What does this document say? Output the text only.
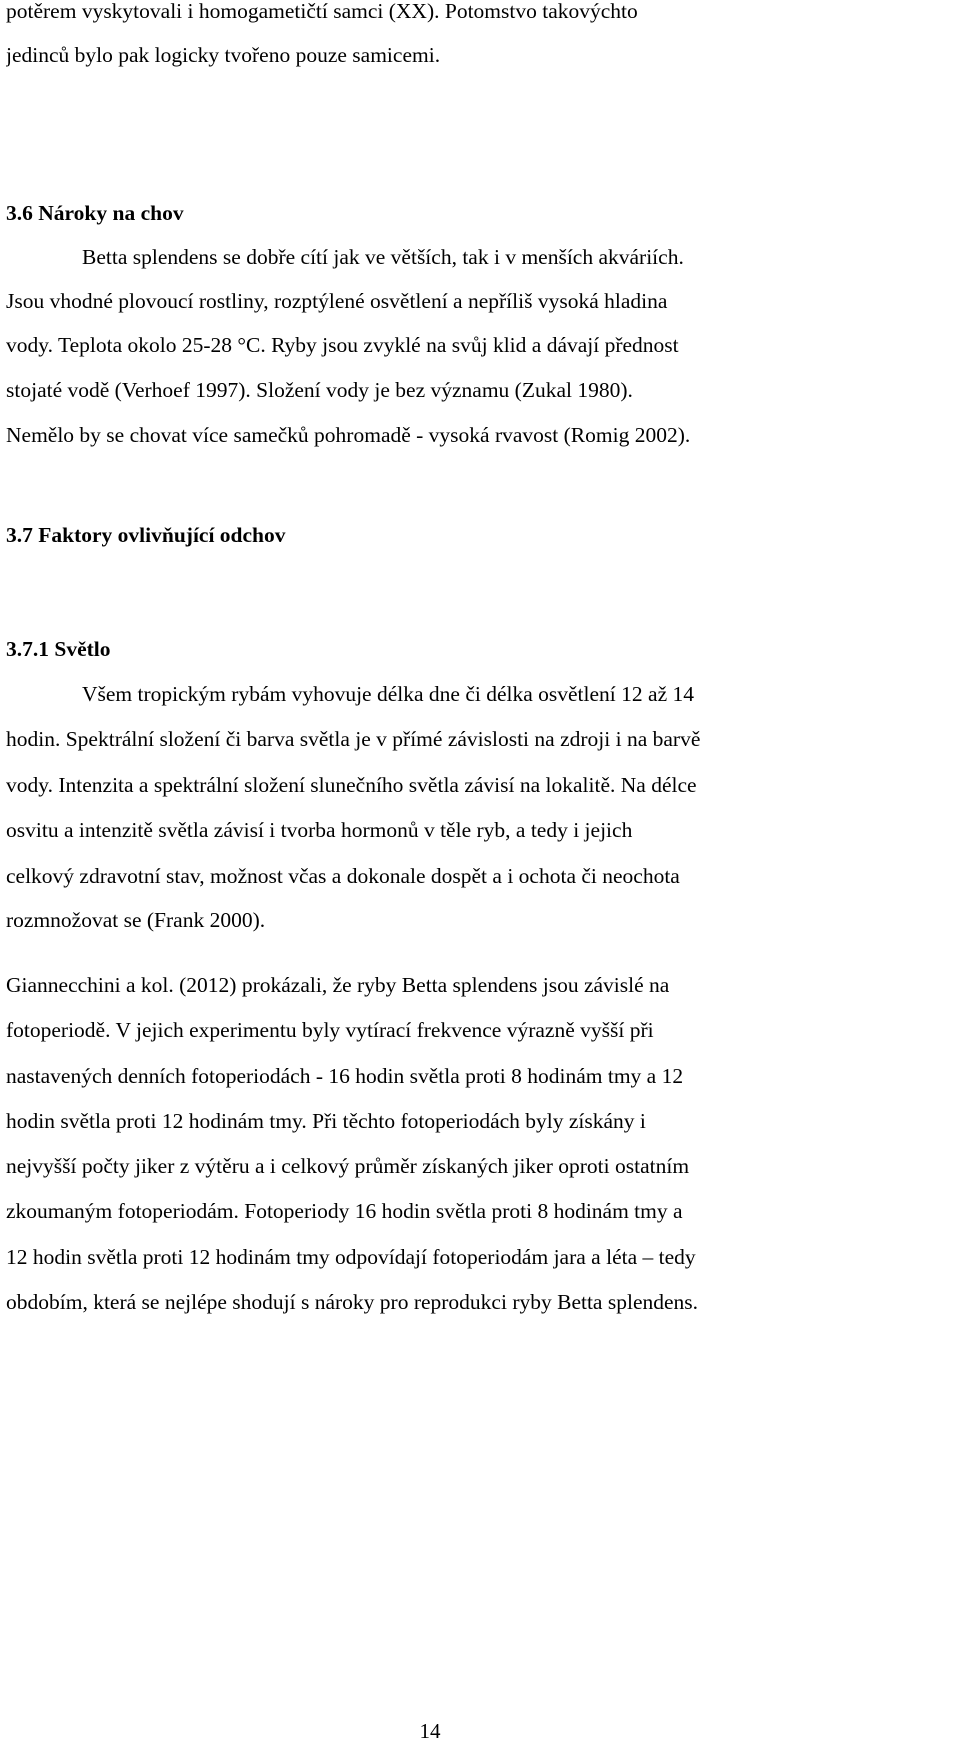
potěrem vyskytovali i homogametičtí samci (XX). Potomstvo takovýchto
jedinců bylo pak logicky tvořeno pouze samicemi.
3.6 Nároky na chov
Betta splendens se dobře cítí jak ve větších, tak i v menších akváriích.
Jsou vhodné plovoucí rostliny, rozptýlené osvětlení a nepříliš vysoká hladina
vody. Teplota okolo 25-28 °C. Ryby jsou zvyklé na svůj klid a dávají přednost
stojaté vodě (Verhoef 1997). Složení vody je bez významu (Zukal 1980).
Nemělo by se chovat více samečků pohromadě - vysoká rvavost (Romig 2002).
3.7 Faktory ovlivňující odchov
3.7.1 Světlo
Všem tropickým rybám vyhovuje délka dne či délka osvětlení 12 až 14
hodin. Spektrální složení či barva světla je v přímé závislosti na zdroji i na barvě
vody. Intenzita a spektrální složení slunečního světla závisí na lokalitě. Na délce
osvitu a intenzitě světla závisí i tvorba hormonů v těle ryb, a tedy i jejich
celkový zdravotní stav, možnost včas a dokonale dospět a i ochota či neochota
rozmnožovat se (Frank 2000).
Giannecchini a kol. (2012) prokázali, že ryby Betta splendens jsou závislé na
fotoperiodě. V jejich experimentu byly vytírací frekvence výrazně vyšší při
nastavených denních fotoperiodách - 16 hodin světla proti 8 hodinám tmy a 12
hodin světla proti 12 hodinám tmy. Při těchto fotoperiodách byly získány i
nejvyšší počty jiker z výtěru a i celkový průměr získaných jiker oproti ostatním
zkoumaným fotoperiodám. Fotoperiody 16 hodin světla proti 8 hodinám tmy a
12 hodin světla proti 12 hodinám tmy odpovídají fotoperiodám jara a léta – tedy
obdobím, která se nejlépe shodují s nároky pro reprodukci ryby Betta splendens.
14
